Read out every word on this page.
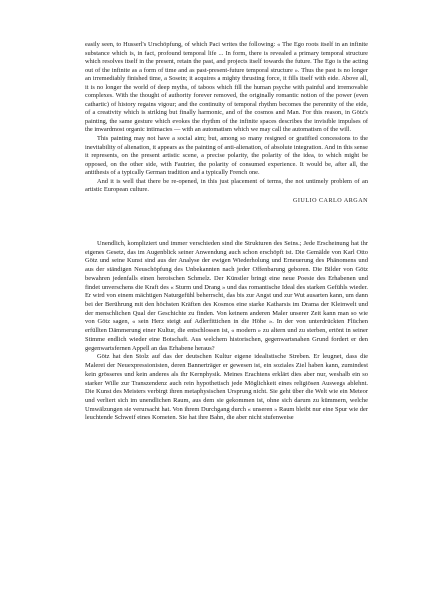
easily seen, to Husserl's Urschöpfung, of which Paci writes the following: « The Ego roots itself in an infinite substance which is, in fact, profound temporal life ... In form, there is revealed a primary temporal structure which resolves itself in the present, retain the past, and projects itself towards the future. The Ego is the acting out of the infinite as a form of time and as past-present-future temporal structure ». Thus the past is no longer an irremediably finished time, a Sosein; it acquires a mighty thrusting force, it fills itself with eide. Above all, it is no longer the world of deep myths, of taboos which fill the human psyche with painful and irremovable complexes. With the thought of authority forever removed, the originally romantic notion of the power (even cathartic) of history regains vigour; and the continuity of temporal rhythm becomes the perennity of the eide, of a creativity which is striking but finally harmonic, and of the cosmos and Man. For this reason, in Götz's painting, the same gesture which evokes the rhythm of the infinite spaces describes the invisible impulses of the inwardmost organic intimacies — with an automatism which we may call the automatism of the will.

This painting may not have a social aim; but, among so many resigned or gratified concessions to the inevitability of alienation, it appears as the painting of anti-alienation, of absolute integration. And in this sense it represents, on the present artistic scene, a precise polarity, the polarity of the idea, to which might be opposed, on the other side, with Fautrier, the polarity of consumed experience. It would be, after all, the antithesis of a typically German tradition and a typically French one.

And it is well that there be re-opened, in this just placement of terms, the not untimely problem of an artistic European culture.

GIULIO CARLO ARGAN

Unendlich, kompliziert und immer verschieden sind die Strukturen des Seins.; Jede Erscheinung hat ihr eigenes Gesetz, das im Augenblick seiner Anwendung auch schon erschöpft ist. Die Gemälde von Karl Otto Götz und seine Kunst sind aus der Analyse der ewigen Wiederholung und Erneuerung des Phänomens und aus der ständigen Neuschöpfung des Unbekannten nach jeder Offenbarung geboren. Die Bilder von Götz bewahren jedenfalls einen heroischen Schmelz. Der Künstler bringt eine neue Poesie des Erhabenen und findet unverschens die Kraft des « Sturm und Drang » und das romantische Ideal des starken Gefühls wieder. Er wird von einem mächtigen Naturgefühl beherrscht, das bis zur Angst und zur Wut ausarten kann, um dann bei der Berührung mit den höchsten Kräften des Kosmos eine starke Katharsis im Drama der Kleinwelt und der menschlichen Qual der Geschichte zu finden. Von keinem anderen Maler unserer Zeit kann man so wie von Götz sagen, « sein Herz steigt auf Adlerfittichen in die Höhe ». In der von unterdrückten Flüchen erfüllten Dämmerung einer Kultur, die entschlossen ist, « modern » zu altern und zu sterben, ertönt in seiner Stimme endlich wieder eine Botschaft. Aus welchem historischen, gegenwartsnahen Grund fordert er den gegenwartsfernen Appell an das Erhabene heraus?

Götz hat den Stolz auf das der deutschen Kultur eigene idealistische Streben. Er leugnet, dass die Malerei der Neuexpressionisten, deren Bannerträger er gewesen ist, ein soziales Ziel haben kann, zumindest kein grösseres und kein anderes als ihr Kernphysik. Meines Erachtens erklärt dies aber nur, weshalb ein so starker Wille zur Transzendenz auch rein hypothetisch jede Möglichkeit eines religiösen Auswegs ablehnt. Die Kunst des Meisters verbirgt ihren metaphysischen Ursprung nicht. Sie geht über die Welt wie ein Meteor und verliert sich im unendlichen Raum, aus dem sie gekommen ist, ohne sich darum zu kümmern, welche Umwälzungen sie verursacht hat. Von ihrem Durchgang durch « unseren » Raum bleibt nur eine Spur wie der leuchtende Schweif eines Kometen. Sie hat ihre Bahn, die aber nicht stufenweise
